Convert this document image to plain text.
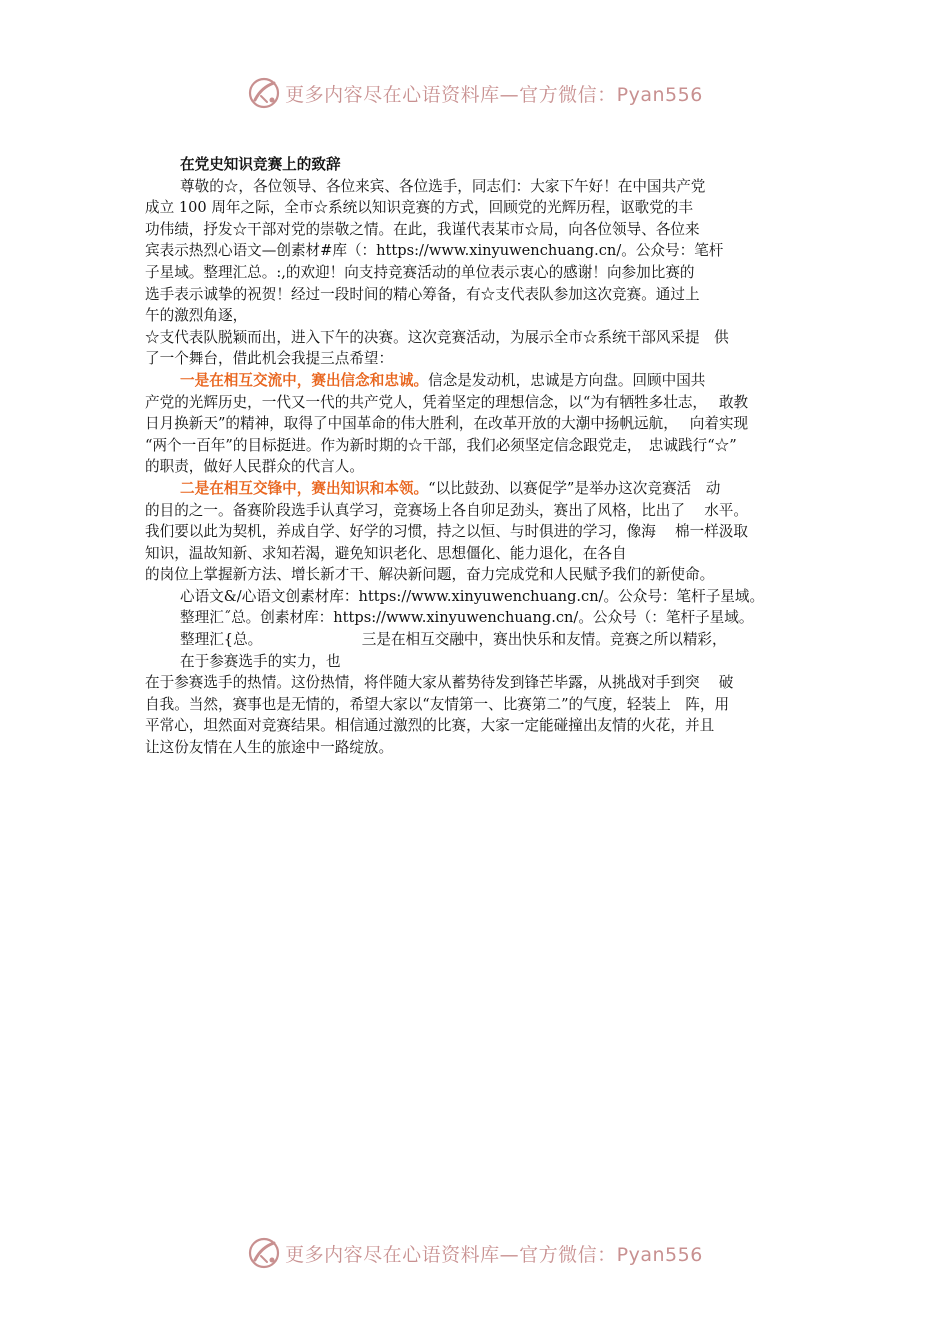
更多内容尽在心语资料库—官方微信：Pyan556
在党史知识竞赛上的致辞
尊敬的☆，各位领导、各位来宾、各位选手，同志们：大家下午好！在中国共产党
成立 100 周年之际，全市☆系统以知识竞赛的方式，回顾党的光辉历程，讴歌党的丰
功伟绩，抒发☆干部对党的崇敬之情。在此，我谨代表某市☆局，向各位领导、各位来
宾表示热烈心语文—创素材#库（：https://www.xinyuwenchuang.cn/。公众号：笔杆
子星域。整理汇总。:,的欢迎！向支持竞赛活动的单位表示衷心的感谢！向参加比赛的
选手表示诚挚的祝贺！经过一段时间的精心筹备，有☆支代表队参加这次竞赛。通过上
午的激烈角逐，
☆支代表队脱颖而出，进入下午的决赛。这次竞赛活动，为展示全市☆系统干部风采提　供
了一个舞台，借此机会我提三点希望：
一是在相互交流中，赛出信念和忠诚。信念是发动机，忠诚是方向盘。回顾中国共
产党的光辉历史，一代又一代的共产党人，凭着坚定的理想信念，以“为有牺牲多壮志，　 敢教
日月换新天”的精神，取得了中国革命的伟大胜利，在改革开放的大潮中扬帆远航，　 向着实现
“两个一百年”的目标挺进。作为新时期的☆干部，我们必须坚定信念跟党走，　忠诚践行“☆”
的职责，做好人民群众的代言人。
二是在相互交锋中，赛出知识和本领。“以比鼓劲、以赛促学”是举办这次竞赛活　动
的目的之一。备赛阶段选手认真学习，竞赛场上各自卯足劲头，赛出了风格，比出了　 水平。
我们要以此为契机，养成自学、好学的习惯，持之以恒、与时俱进的学习，像海　 棉一样汲取
知识，温故知新、求知若渴，避免知识老化、思想僵化、能力退化，在各自
的岗位上掌握新方法、增长新才干、解决新问题，奋力完成党和人民赋予我们的新使命。
心语文&/心语文创素材库：https://www.xinyuwenchuang.cn/。公众号：笔杆子星域。
整理汇˝总。创素材库：https://www.xinyuwenchuang.cn/。公众号（：笔杆子星域。
整理汇{总。　　　　　　　 三是在相互交融中，赛出快乐和友情。竞赛之所以精彩，
在于参赛选手的实力，也
在于参赛选手的热情。这份热情，将伴随大家从蓄势待发到锋芒毕露，从挑战对手到突　 破
自我。当然，赛事也是无情的，希望大家以“友情第一、比赛第二”的气度，轻装上　阵，用
平常心，坦然面对竞赛结果。相信通过激烈的比赛，大家一定能碰撞出友情的火花，并且
让这份友情在人生的旅途中一路绽放。
更多内容尽在心语资料库—官方微信：Pyan556
